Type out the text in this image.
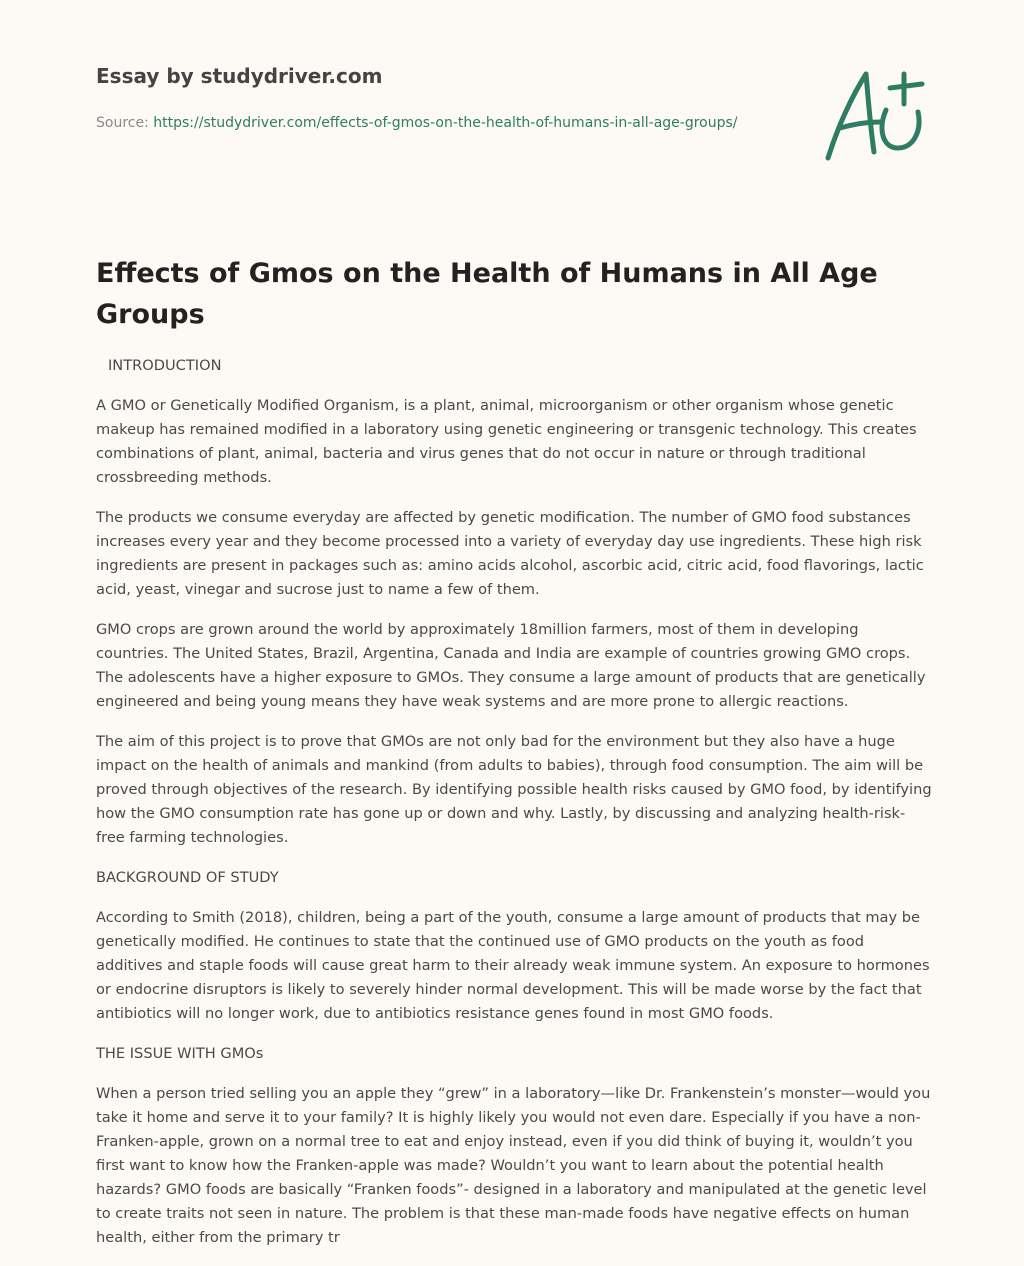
Essay by studydriver.com
Source: https://studydriver.com/effects-of-gmos-on-the-health-of-humans-in-all-age-groups/
Effects of Gmos on the Health of Humans in All Age Groups

INTRODUCTION

A GMO or Genetically Modified Organism, is a plant, animal, microorganism or other organism whose genetic makeup has remained modified in a laboratory using genetic engineering or transgenic technology. This creates combinations of plant, animal, bacteria and virus genes that do not occur in nature or through traditional crossbreeding methods.

The products we consume everyday are affected by genetic modification. The number of GMO food substances increases every year and they become processed into a variety of everyday day use ingredients. These high risk ingredients are present in packages such as: amino acids alcohol, ascorbic acid, citric acid, food flavorings, lactic acid, yeast, vinegar and sucrose just to name a few of them.

GMO crops are grown around the world by approximately 18million farmers, most of them in developing countries. The United States, Brazil, Argentina, Canada and India are example of countries growing GMO crops. The adolescents have a higher exposure to GMOs. They consume a large amount of products that are genetically engineered and being young means they have weak systems and are more prone to allergic reactions.

The aim of this project is to prove that GMOs are not only bad for the environment but they also have a huge impact on the health of animals and mankind (from adults to babies), through food consumption. The aim will be proved through objectives of the research. By identifying possible health risks caused by GMO food, by identifying how the GMO consumption rate has gone up or down and why. Lastly, by discussing and analyzing health-risk-free farming technologies.

BACKGROUND OF STUDY

According to Smith (2018), children, being a part of the youth, consume a large amount of products that may be genetically modified. He continues to state that the continued use of GMO products on the youth as food additives and staple foods will cause great harm to their already weak immune system. An exposure to hormones or endocrine disruptors is likely to severely hinder normal development. This will be made worse by the fact that antibiotics will no longer work, due to antibiotics resistance genes found in most GMO foods.

THE ISSUE WITH GMOs

When a person tried selling you an apple they “grew” in a laboratory—like Dr. Frankenstein’s monster—would you take it home and serve it to your family? It is highly likely you would not even dare. Especially if you have a non-Franken-apple, grown on a normal tree to eat and enjoy instead, even if you did think of buying it, wouldn’t you first want to know how the Franken-apple was made? Wouldn’t you want to learn about the potential health hazards? GMO foods are basically “Franken foods”- designed in a laboratory and manipulated at the genetic level to create traits not seen in nature. The problem is that these man-made foods have negative effects on human health, either from the primary tr
